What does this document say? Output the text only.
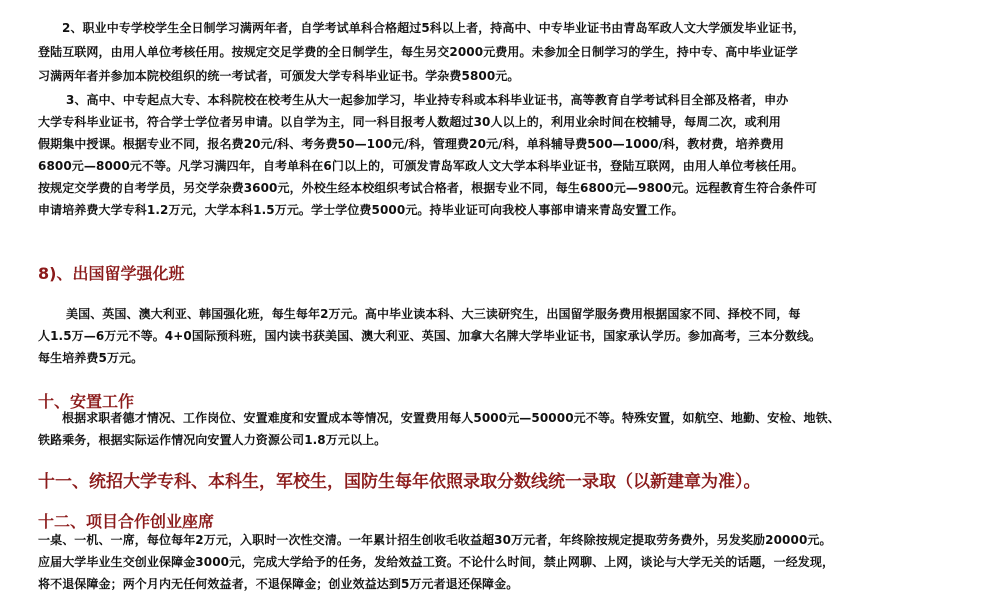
2、职业中专学校学生全日制学习满两年者，自学考试单科合格超过5科以上者，持高中、中专毕业证书由青岛军政人文大学颁发毕业证书，
登陆互联网，由用人单位考核任用。按规定交足学费的全日制学生，每生另交2000元费用。未参加全日制学习的学生，持中专、高中毕业证学
习满两年者并参加本院校组织的统一考试者，可颁发大学专科毕业证书。学杂费5800元。
3、高中、中专起点大专、本科院校在校考生从大一起参加学习，毕业持专科或本科毕业证书，高等教育自学考试科目全部及格者，申办
大学专科毕业证书，符合学士学位者另申请。以自学为主，同一科目报考人数超过30人以上的，利用业余时间在校辅导，每周二次，或利用
假期集中授课。根据专业不同，报名费20元/科、考务费50—100元/科，管理费20元/科，单科辅导费500—1000/科，教材费，培养费用
6800元—8000元不等。凡学习满四年，自考单科在6门以上的，可颁发青岛军政人文大学本科毕业证书，登陆互联网，由用人单位考核任用。
按规定交学费的自考学员，另交学杂费3600元，外校生经本校组织考试合格者，根据专业不同，每生6800元—9800元。远程教育生符合条件可
申请培养费大学专科1.2万元，大学本科1.5万元。学士学位费5000元。持毕业证可向我校人事部申请来青岛安置工作。
8)、出国留学强化班
美国、英国、澳大利亚、韩国强化班，每生每年2万元。高中毕业读本科、大三读研究生，出国留学服务费用根据国家不同、择校不同，每
人1.5万—6万元不等。4+0国际预科班，国内读书获美国、澳大利亚、英国、加拿大名牌大学毕业证书，国家承认学历。参加高考，三本分数线。
每生培养费5万元。
十、安置工作
根据求职者德才情况、工作岗位、安置难度和安置成本等情况，安置费用每人5000元—50000元不等。特殊安置，如航空、地勤、安检、地铁、
铁路乘务，根据实际运作情况向安置人力资源公司1.8万元以上。
十一、统招大学专科、本科生，军校生，国防生每年依照录取分数线统一录取（以新建章为准）。
十二、项目合作创业座席
一桌、一机、一席，每位每年2万元，入职时一次性交清。一年累计招生创收毛收益超30万元者，年终除按规定提取劳务费外，另发奖励20000元。
应届大学毕业生交创业保障金3000元，完成大学给予的任务，发给效益工资。不论什么时间，禁止网聊、上网，谈论与大学无关的话题，一经发现，
将不退保障金；两个月内无任何效益者，不退保障金；创业效益达到5万元者退还保障金。
